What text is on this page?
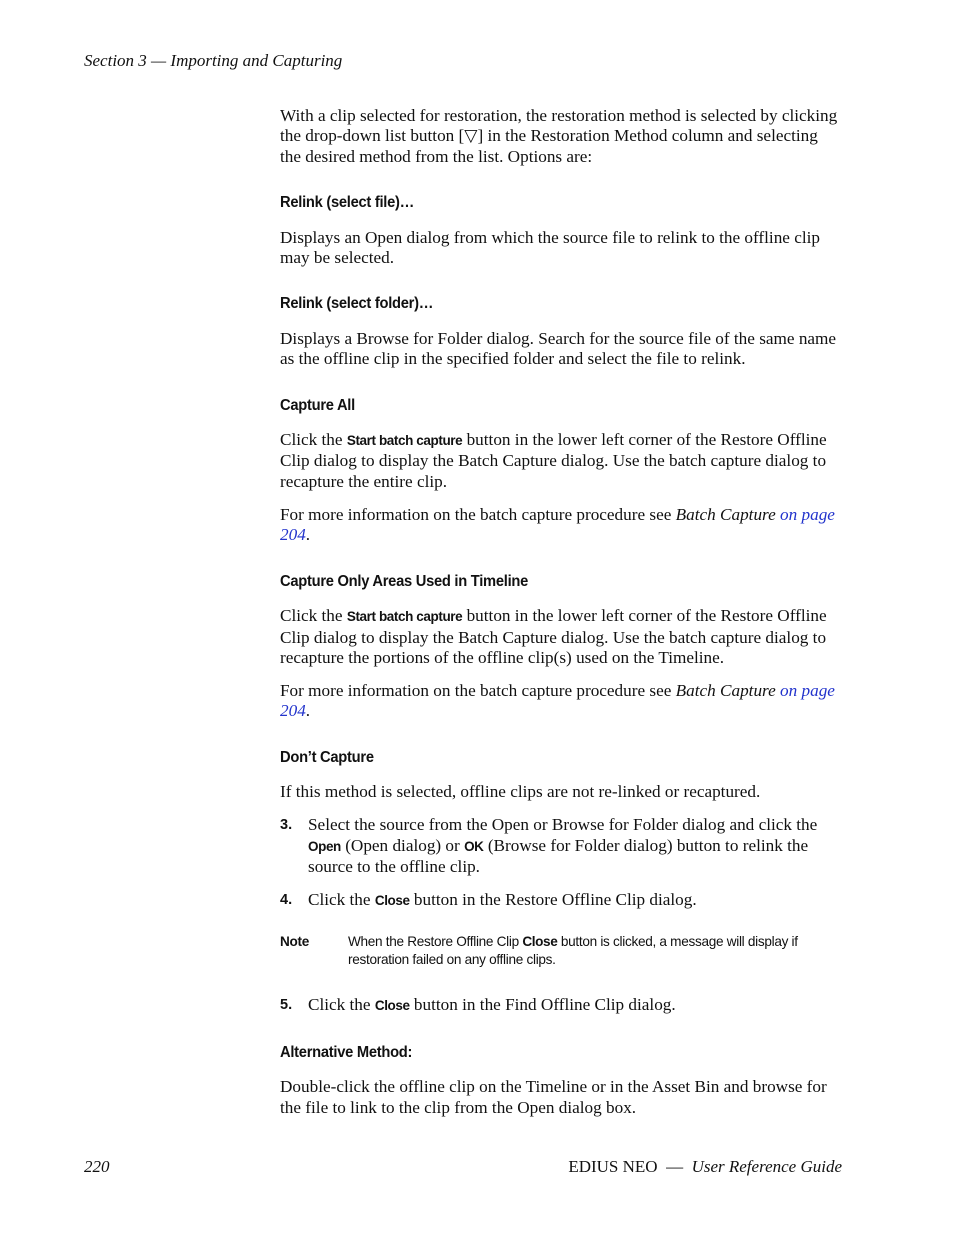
Section 3 — Importing and Capturing

With a clip selected for restoration, the restoration method is selected by clicking the drop-down list button [▽] in the Restoration Method column and selecting the desired method from the list. Options are:

Relink (select file)…

Displays an Open dialog from which the source file to relink to the offline clip may be selected.

Relink (select folder)…

Displays a Browse for Folder dialog. Search for the source file of the same name as the offline clip in the specified folder and select the file to relink.

Capture All

Click the Start batch capture button in the lower left corner of the Restore Offline Clip dialog to display the Batch Capture dialog. Use the batch capture dialog to recapture the entire clip.

For more information on the batch capture procedure see Batch Capture on page 204.

Capture Only Areas Used in Timeline

Click the Start batch capture button in the lower left corner of the Restore Offline Clip dialog to display the Batch Capture dialog. Use the batch capture dialog to recapture the portions of the offline clip(s) used on the Timeline.

For more information on the batch capture procedure see Batch Capture on page 204.

Don’t Capture

If this method is selected, offline clips are not re-linked or recaptured.

3. Select the source from the Open or Browse for Folder dialog and click the Open (Open dialog) or OK (Browse for Folder dialog) button to relink the source to the offline clip.
4. Click the Close button in the Restore Offline Clip dialog.
Note	When the Restore Offline Clip Close button is clicked, a message will display if restoration failed on any offline clips.
5. Click the Close button in the Find Offline Clip dialog.
Alternative Method:

Double-click the offline clip on the Timeline or in the Asset Bin and browse for the file to link to the clip from the Open dialog box.

220	EDIUS NEO  —  User Reference Guide
